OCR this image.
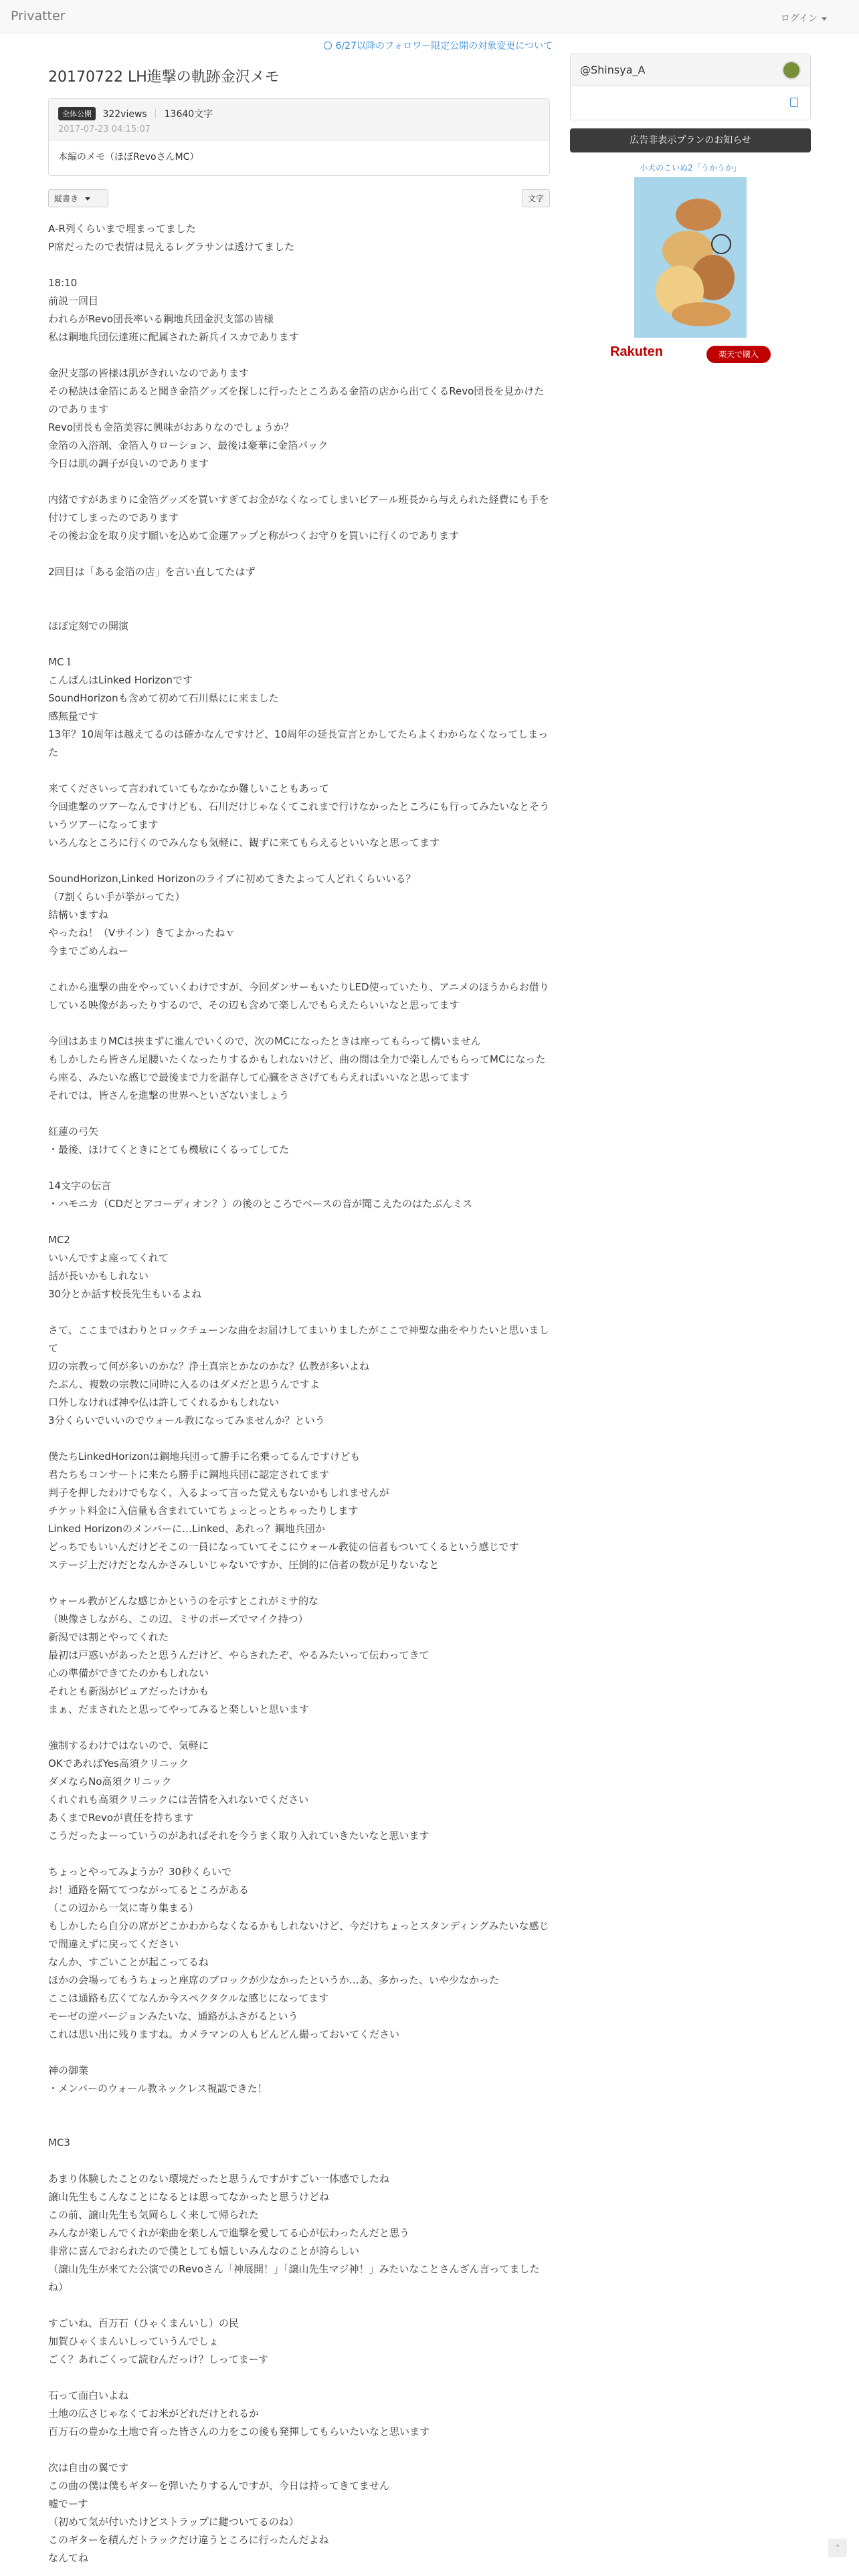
Privatter	ログイン
6/27以降のフォロワー限定公開の対象変更について
20170722 LH進撃の軌跡金沢メモ
全体公開 322views 13640文字
2017-07-23 04:15:07
本編のメモ（ほぼRevoさんMC）
縦書き	文字
A-R列くらいまで埋まってました
P席だったので表情は見えるレグラサンは透けてました

18:10
前説一回目
われらがRevo団長率いる鋼地兵団金沢支部の皆様
私は鋼地兵団伝達班に配属された新兵イスカであります

金沢支部の皆様は肌がきれいなのであります
その秘訣は金箔にあると聞き金箔グッズを探しに行ったところある金箔の店から出てくるRevo団長を見かけたのであります
Revo団長も金箔美容に興味がおありなのでしょうか？
金箔の入浴剤、金箔入りローション、最後は豪華に金箔パック
今日は肌の調子が良いのであります

内緒ですがあまりに金箔グッズを買いすぎてお金がなくなってしまいビアール班長から与えられた経費にも手を付けてしまったのであります
その後お金を取り戻す願いを込めて金運アップと称がつくお守りを買いに行くのであります

2回目は「ある金箔の店」を言い直してたはず

ほぼ定刻での開演

MC１
こんばんはLinked Horizonです
SoundHorizonも含めて初めて石川県にに来ました
感無量です
13年？10周年は越えてるのは確かなんですけど、10周年の延長宣言とかしてたらよくわからなくなってしまった

来てくださいって言われていてもなかなか難しいこともあって
今回進撃のツアーなんですけども、石川だけじゃなくてこれまで行けなかったところにも行ってみたいなとそういうツアーになってます
いろんなところに行くのでみんなも気軽に、観ずに来てもらえるといいなと思ってます

SoundHorizon,Linked Horizonのライブに初めてきたよって人どれくらいいる？
（7割くらい手が挙がってた）
結構いますね
やったね！（Vサイン）きてよかったねｖ
今までごめんねー

これから進撃の曲をやっていくわけですが、今回ダンサーもいたりLED使っていたり、アニメのほうからお借りしている映像があったりするので、その辺も含めて楽しんでもらえたらいいなと思ってます

今回はあまりMCは挟まずに進んでいくので、次のMCになったときは座ってもらって構いません
もしかしたら皆さん足腰いたくなったりするかもしれないけど、曲の間は全力で楽しんでもらってMCになったら座る、みたいな感じで最後まで力を温存して心臓をささげてもらえればいいなと思ってます
それでは、皆さんを進撃の世界へといざないましょう

紅蓮の弓矢
・最後、ほけてくときにとても機敏にくるってしてた

14文字の伝言
・ハモニカ（CDだとアコーディオン？）の後のところでベースの音が聞こえたのはたぶんミス

MC2
いいんですよ座ってくれて
話が長いかもしれない
30分とか話す校長先生もいるよね

さて、ここまではわりとロックチューンな曲をお届けしてまいりましたがここで神聖な曲をやりたいと思いまして
辺の宗教って何が多いのかな？浄土真宗とかなのかな？仏教が多いよね
たぶん、複数の宗教に同時に入るのはダメだと思うんですよ
口外しなければ神や仏は許してくれるかもしれない
3分くらいでいいのでウォール教になってみませんか？という

僕たちLinkedHorizonは鋼地兵団って勝手に名乗ってるんですけども
君たちもコンサートに来たら勝手に鋼地兵団に認定されてます
判子を押したわけでもなく、入るよって言った覚えもないかもしれませんが
チケット料金に入信量も含まれていてちょっとっとちゃったりします
Linked Horizonのメンバーに…Linked、あれっ？鋼地兵団か
どっちでもいいんだけどそこの一員になっていてそこにウォール教徒の信者もついてくるという感じです
ステージ上だけだとなんかさみしいじゃないですか、圧倒的に信者の数が足りないなと

ウォール教がどんな感じかというのを示すとこれがミサ的な
（映像さしながら、この辺、ミサのポーズでマイク持つ）
新潟では割とやってくれた
最初は戸惑いがあったと思うんだけど、やらされたぞ、やるみたいって伝わってきて
心の準備ができてたのかもしれない
それとも新潟がピュアだったけかも
まぁ、だまされたと思ってやってみると楽しいと思います

強制するわけではないので、気軽に
OKであればYes高須クリニック
ダメならNo高須クリニック
くれぐれも高須クリニックには苦情を入れないでください
あくまでRevoが責任を持ちます
こうだったよーっていうのがあればそれを今うまく取り入れていきたいなと思います

ちょっとやってみようか？30秒くらいで
お！通路を隔ててつながってるところがある
（この辺から一気に寄り集まる）
もしかしたら自分の席がどこかわからなくなるかもしれないけど、今だけちょっとスタンディングみたいな感じで間違えずに戻ってください
なんか、すごいことが起こってるね
ほかの会場ってもうちょっと座席のブロックが少なかったというか…あ、多かった、いや少なかった
ここは通路も広くてなんか今スペクタクルな感じになってます
モーゼの逆バージョンみたいな、通路がふさがるという
これは思い出に残りますね。カメラマンの人もどんどん撮っておいてください

神の御業
・メンバーのウォール教ネックレス視認できた！

MC3

あまり体験したことのない環境だったと思うんですがすごい一体感でしたね
譲山先生もこんなことになるとは思ってなかったと思うけどね
この前、譲山先生も気岡らしく来して帰られた
みんなが楽しんでくれが楽曲を楽しんで進撃を愛してる心が伝わったんだと思う
非常に喜んでおられたので僕としても嬉しいみんなのことが誇らしい
（譲山先生が来てた公演でのRevoさん「神展開！」「譲山先生マジ神！」みたいなことさんざん言ってましたね）

すごいね、百万石（ひゃくまんいし）の民
加賀ひゃくまんいしっていうんでしょ
ごく？あれごくって読むんだっけ？しってまーす

石って面白いよね
土地の広さじゃなくてお米がどれだけとれるか
百万石の豊かな土地で育った皆さんの力をこの後も発揮してもらいたいなと思います

次は自由の翼です
この曲の僕は僕もギターを弾いたりするんですが、今日は持ってきてません
嘘でーす
（初めて気が付いたけどストラップに鍵ついてるのね）
このギターを積んだトラックだけ違うところに行ったんだよね
なんてね
@Shinsya_A
広告非表示プランのお知らせ
小犬のこいぬ2「うかうか」
Rakuten	楽天で購入
⌃
